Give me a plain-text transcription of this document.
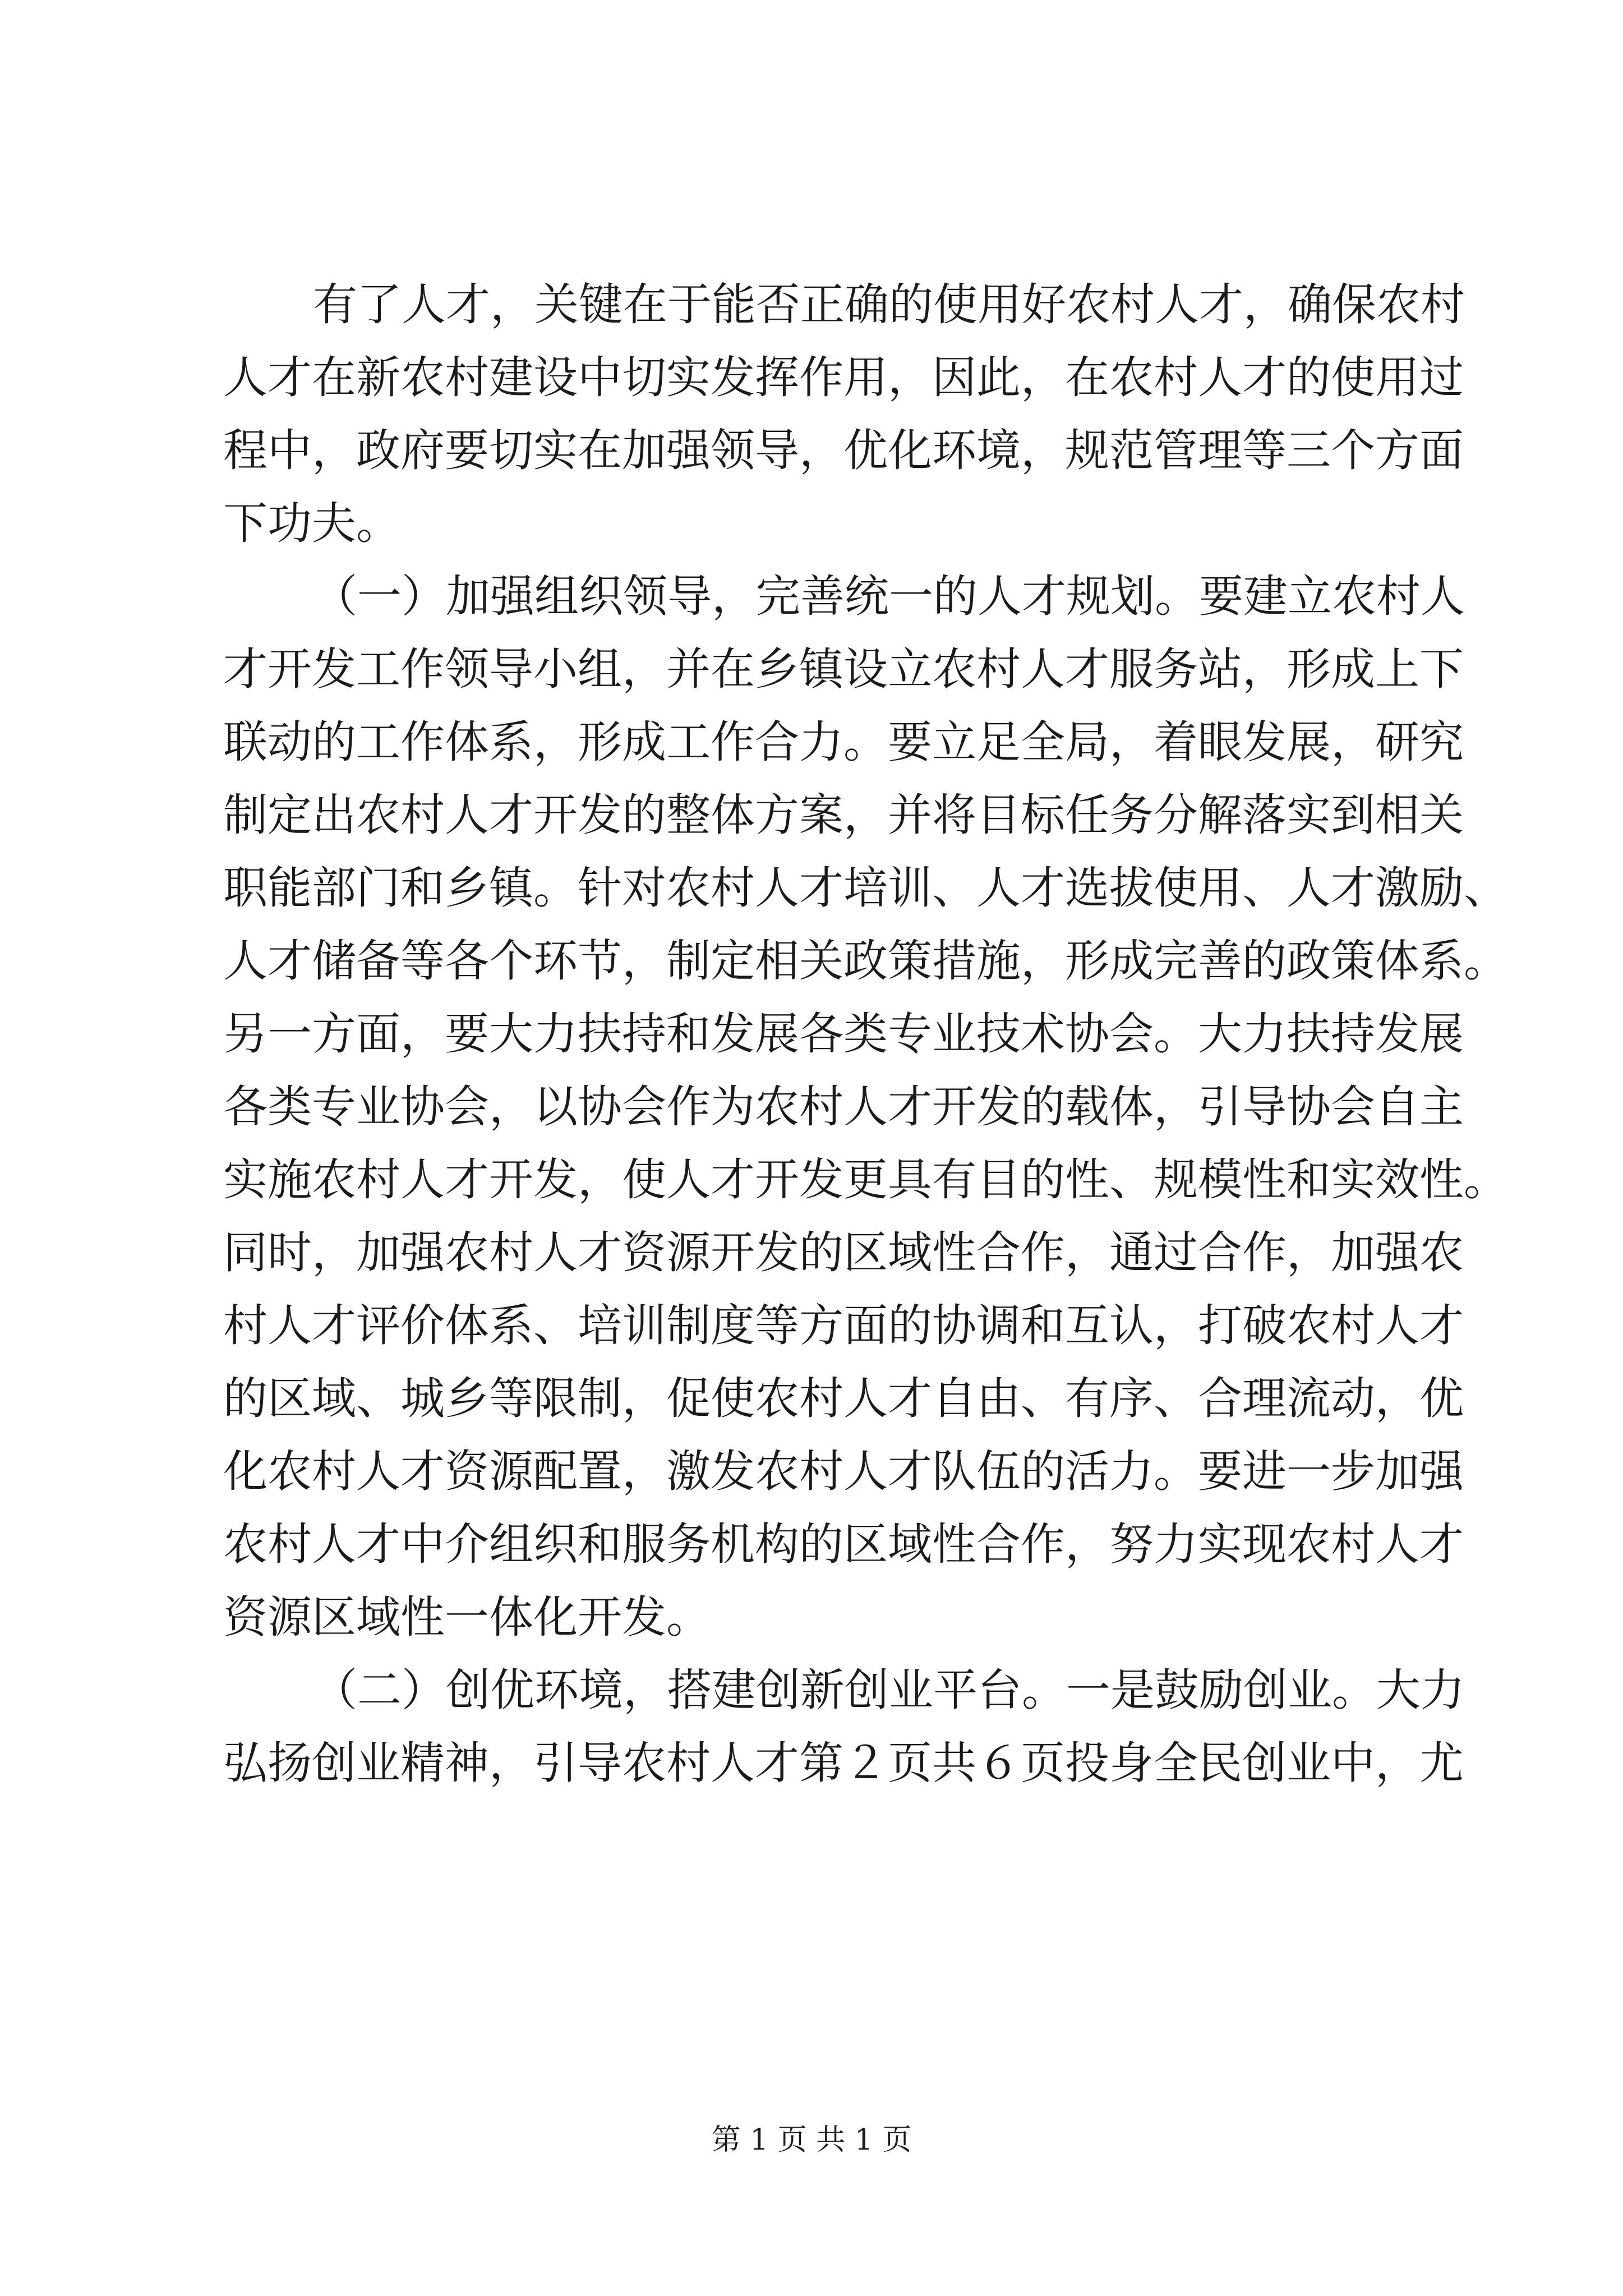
有了人才，关键在于能否正确的使用好农村人才，确保农村
人才在新农村建设中切实发挥作用，因此，在农村人才的使用过
程中，政府要切实在加强领导，优化环境，规范管理等三个方面
下功夫。
（一）加强组织领导，完善统一的人才规划。要建立农村人
才开发工作领导小组，并在乡镇设立农村人才服务站，形成上下
联动的工作体系，形成工作合力。要立足全局，着眼发展，研究
制定出农村人才开发的整体方案，并将目标任务分解落实到相关
职能部门和乡镇。针对农村人才培训、人才选拔使用、人才激励、
人才储备等各个环节，制定相关政策措施，形成完善的政策体系。
另一方面，要大力扶持和发展各类专业技术协会。大力扶持发展
各类专业协会，以协会作为农村人才开发的载体，引导协会自主
实施农村人才开发，使人才开发更具有目的性、规模性和实效性。
同时，加强农村人才资源开发的区域性合作，通过合作，加强农
村人才评价体系、培训制度等方面的协调和互认，打破农村人才
的区域、城乡等限制，促使农村人才自由、有序、合理流动，优
化农村人才资源配置，激发农村人才队伍的活力。要进一步加强
农村人才中介组织和服务机构的区域性合作，努力实现农村人才
资源区域性一体化开发。
（二）创优环境，搭建创新创业平台。一是鼓励创业。大力
弘扬创业精神，引导农村人才第２页共６页投身全民创业中，尤
第 1 页 共 1 页
